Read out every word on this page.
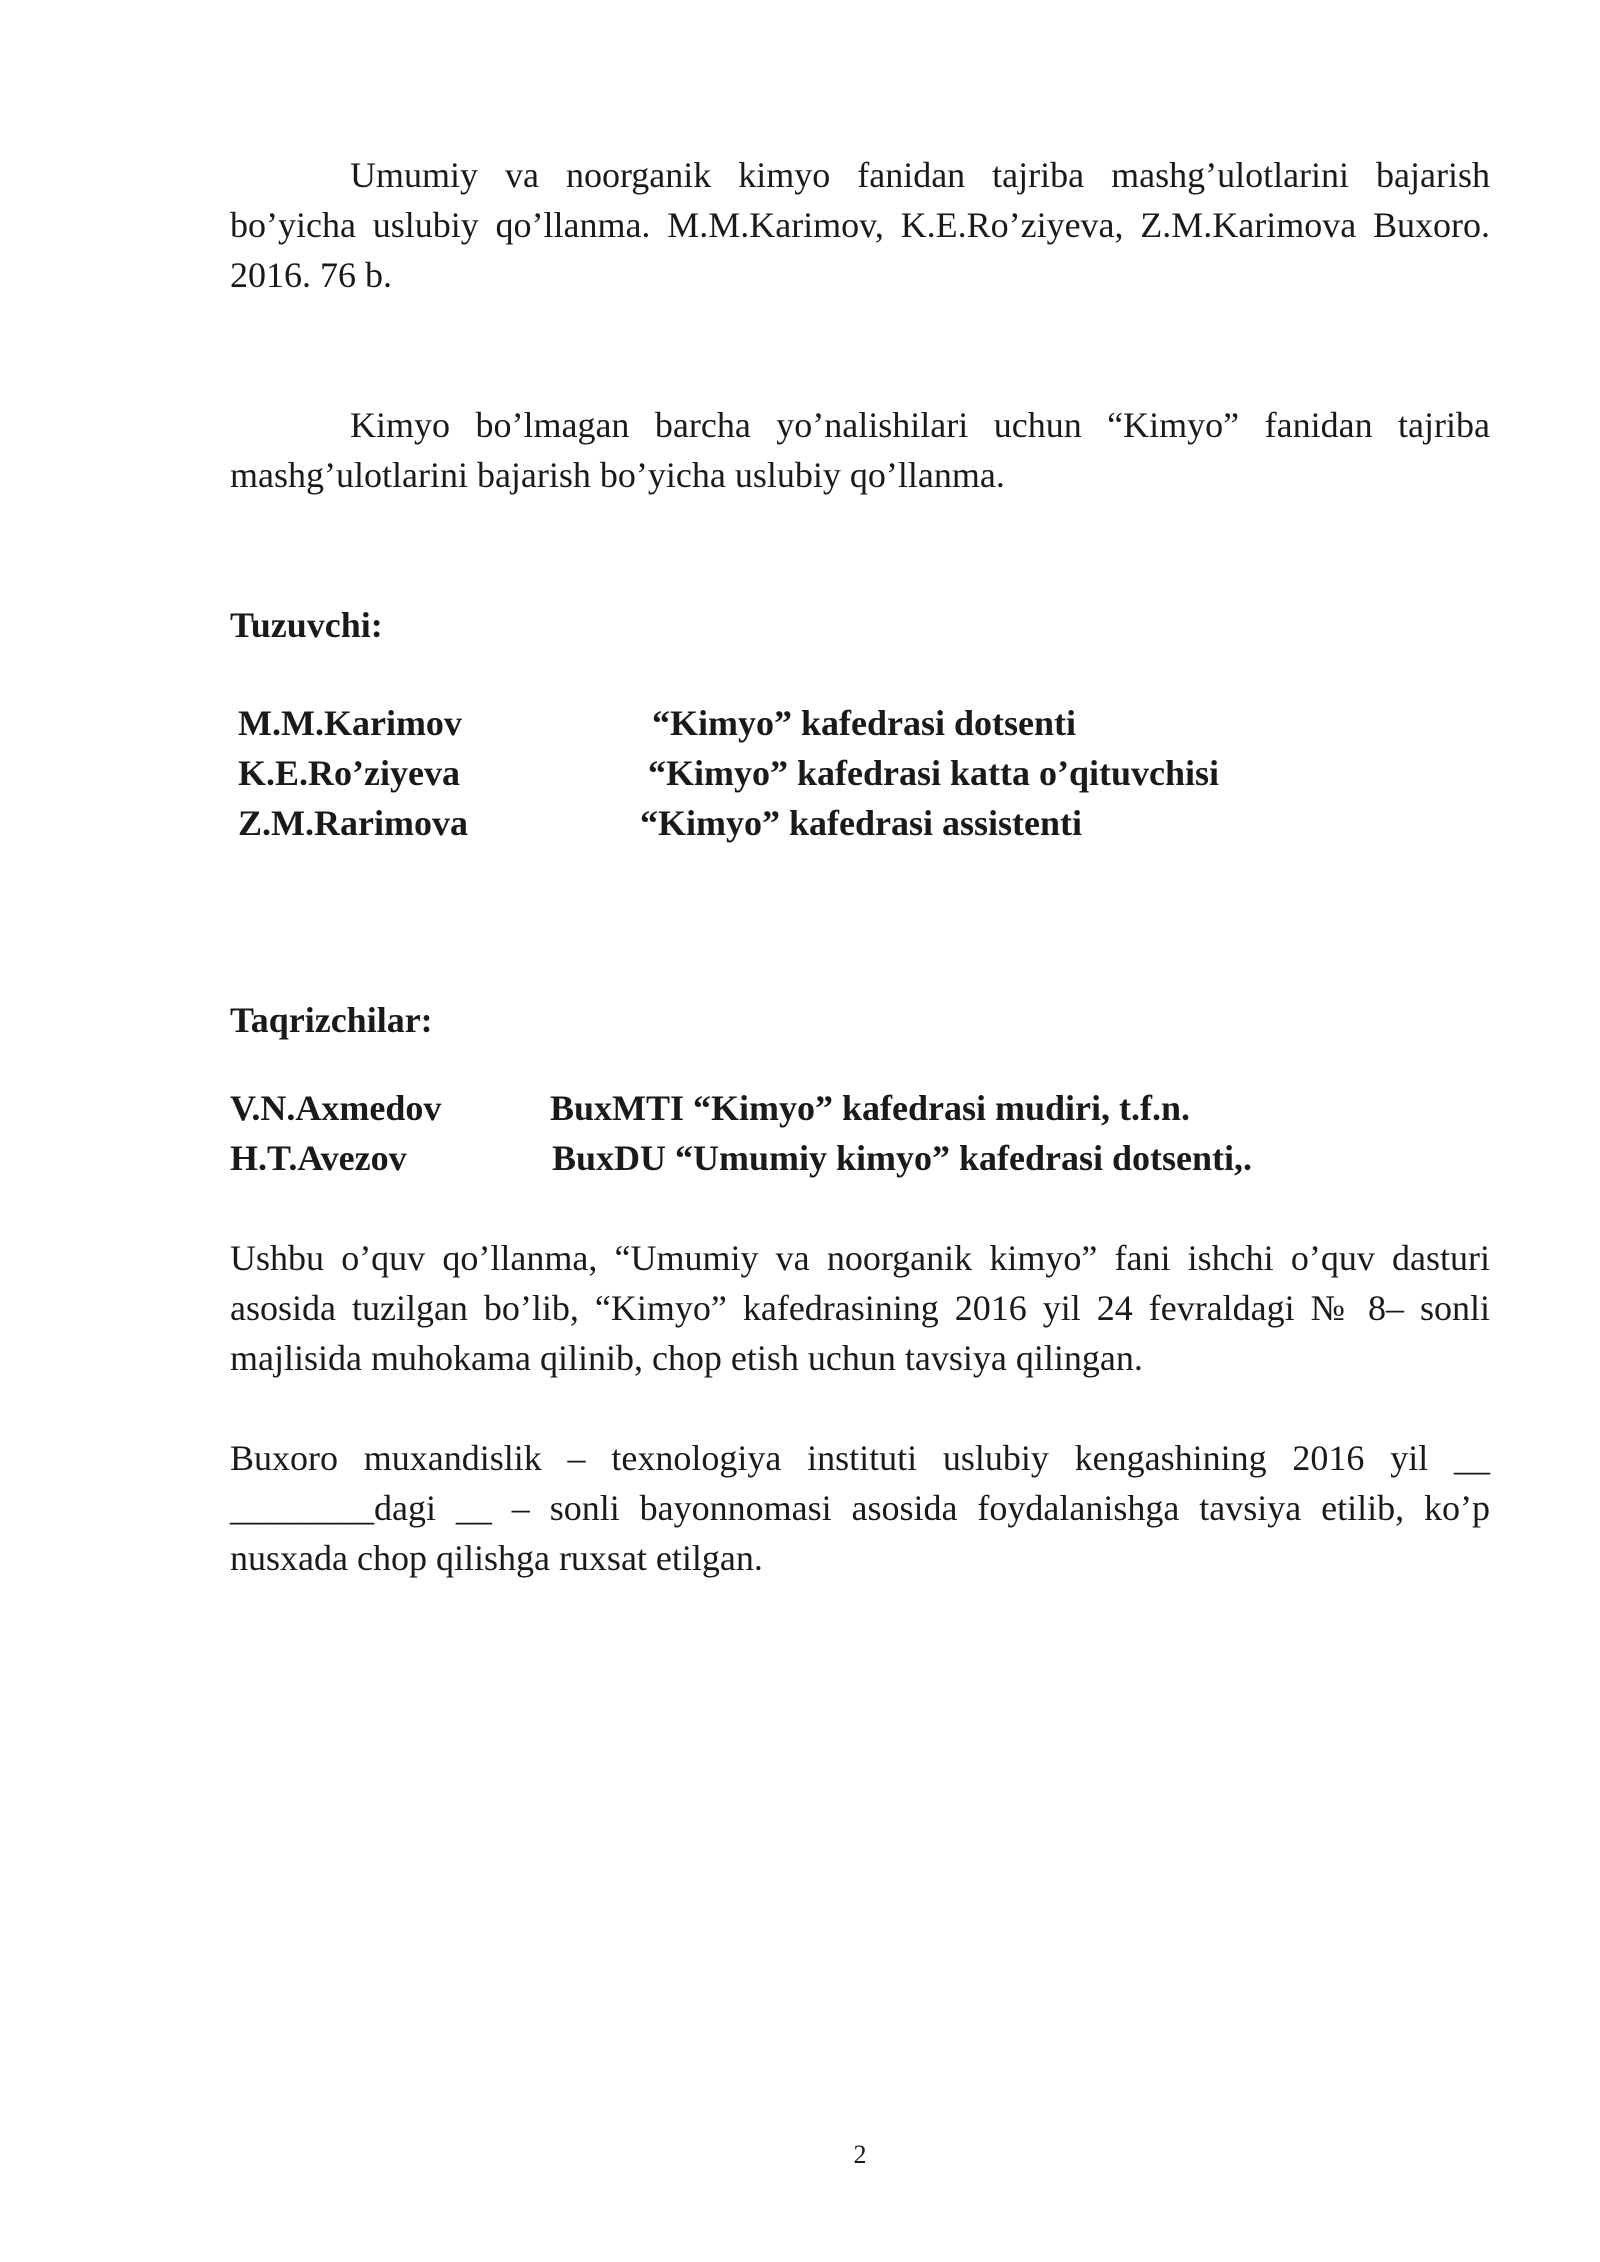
Umumiy va noorganik kimyo fanidan tajriba mashg’ulotlarini bajarish bo’yicha uslubiy qo’llanma. M.M.Karimov, K.E.Ro’ziyeva, Z.M.Karimova Buxoro. 2016. 76 b.

Kimyo bo’lmagan barcha yo’nalishilari uchun “Kimyo” fanidan tajriba mashg’ulotlarini bajarish bo’yicha uslubiy qo’llanma.

Tuzuvchi:

M.M.Karimov	“Kimyo” kafedrasi dotsenti

K.E.Ro’ziyeva	“Kimyo” kafedrasi katta o’qituvchisi

Z.M.Rarimova	“Kimyo” kafedrasi assistenti

Taqrizchilar:

V.N.Axmedov	BuxMTI “Kimyo” kafedrasi mudiri, t.f.n.

H.T.Avezov	BuxDU “Umumiy kimyo” kafedrasi dotsenti,.

Ushbu o’quv qo’llanma, “Umumiy va noorganik kimyo” fani ishchi o’quv dasturi asosida tuzilgan bo’lib, “Kimyo” kafedrasining 2016 yil 24 fevraldagi № 8– sonli majlisida muhokama qilinib, chop etish uchun tavsiya qilingan.

Buxoro muxandislik – texnologiya instituti uslubiy kengashining 2016 yil __ ________dagi __ – sonli bayonnomasi asosida foydalanishga tavsiya etilib, ko’p nusxada chop qilishga ruxsat etilgan.

2
